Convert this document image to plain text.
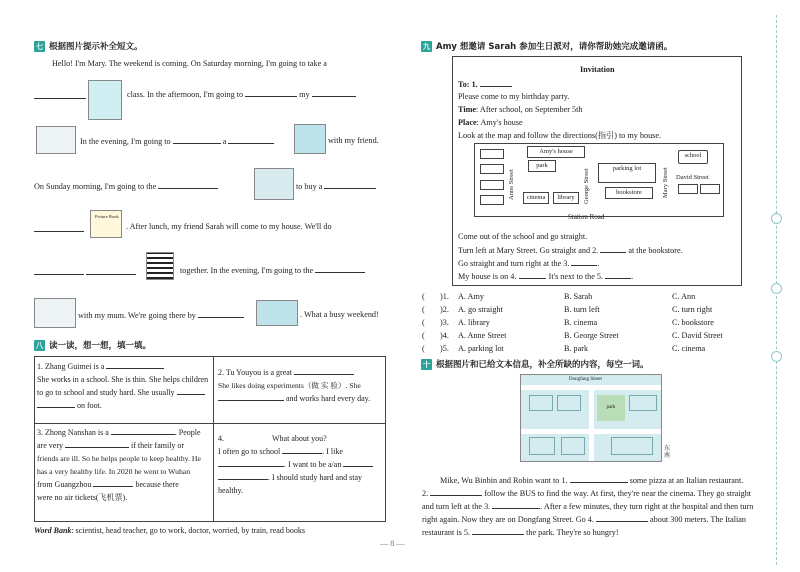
七 根据图片提示补全短文。
Hello! I'm Mary. The weekend is coming. On Saturday morning, I'm going to take a
class. In the afternoon, I'm going to	my
In the evening, I'm going to	a	with my friend.
On Sunday morning, I'm going to the	to buy a
Picture Book
. After lunch, my friend Sarah will come to my house. We'll do

together. In the evening, I'm going to the
with my mum. We're going there by	. What a busy weekend!
八 读一读，想一想，填一填。
1. Zhang Guimei is a
She works in a school. She is thin. She helps children
to go to school and study hard. She usually
on foot.
2. Tu Youyou is a great
She likes doing experiments（做 实 验）. She
and works hard every day.
3. Zhong Nanshan is a	. People
are very	if their family or
friends are ill. So he helps people to keep healthy. He
has a very healthy life. In 2020 he went to Wuhan
from Guangzhou	because there
were no air tickets(飞机票).
4.	What about you?
I often go to school	. I like
. I want to be a/an
. I should study hard and stay
healthy.
Word Bank: scientist, head teacher, go to work, doctor, worried, by train, read books
— 8 —
九 Amy 想邀请 Sarah 参加生日派对，请你帮助她完成邀请函。
Invitation
To: 1.
Please come to my birthday party.
Time: After school, on September 5th
Place: Amy's house
Look at the map and follow the directions(指引) to my house.
Anne Street
Amy's house
park
cinema	library	George Street	parking lot
bookstore	Mary Street
school
David Street
Station Road
Come out of the school and go straight.
Turn left at Mary Street. Go straight and 2.	at the bookstore.
Go straight and turn right at the 3.	.
My house is on 4.	. It's next to the 5.	.
( )1. A. Amy	B. Sarah	C. Ann
( )2. A. go straight	B. turn left	C. turn right
( )3. A. library	B. cinema	C. bookstore
( )4. A. Anne Street	B. George Street	C. David Street
( )5. A. parking lot	B. park	C. cinema
十 根据图片和已给文本信息，补全所缺的内容，每空一词。
Dongfang Street
park
东
南
Mike, Wu Binbin and Robin want to 1.	some pizza at an Italian restaurant.
2.	follow the BUS to find the way. At first, they're near the cinema. They go straight
and turn left at the 3.	. After a few minutes, they turn right at the hospital and then turn
right again. Now they are on Dongfang Street. Go 4.	about 300 meters. The Italian
restaurant is 5.	the park. They're so hungry!
